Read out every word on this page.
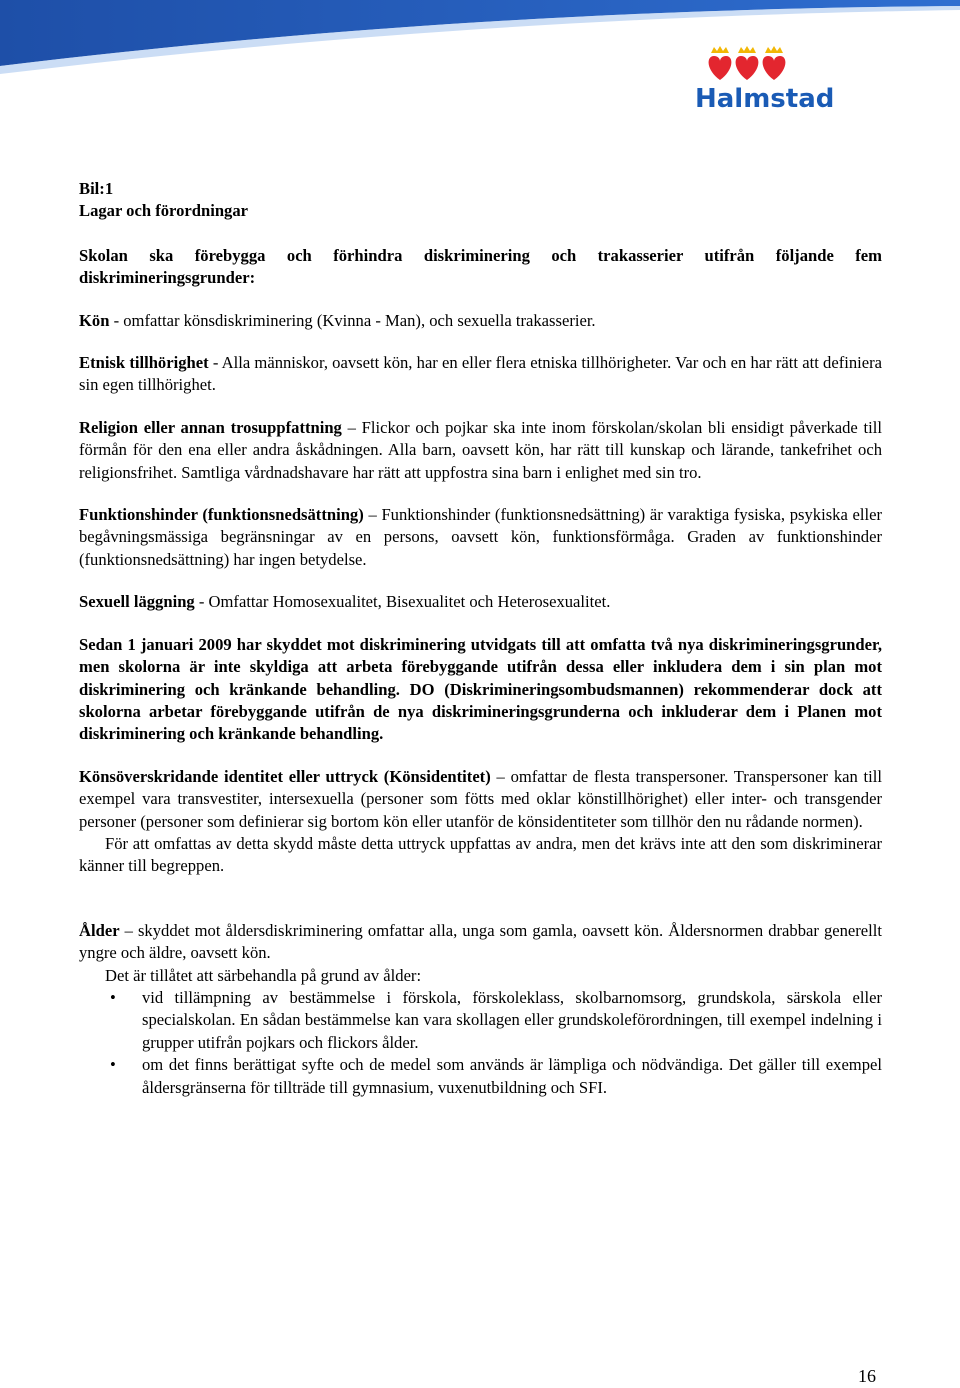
Halmstad

Bil:1

Lagar och förordningar

Skolan ska förebygga och förhindra diskriminering och trakasserier utifrån följande fem diskrimineringsgrunder:

Kön - omfattar könsdiskriminering (Kvinna - Man), och sexuella trakasserier.

Etnisk tillhörighet - Alla människor, oavsett kön, har en eller flera etniska tillhörigheter. Var och en har rätt att definiera sin egen tillhörighet.

Religion eller annan trosuppfattning – Flickor och pojkar ska inte inom förskolan/skolan bli ensidigt påverkade till förmån för den ena eller andra åskådningen. Alla barn, oavsett kön, har rätt till kunskap och lärande, tankefrihet och religionsfrihet. Samtliga vårdnadshavare har rätt att uppfostra sina barn i enlighet med sin tro.

Funktionshinder (funktionsnedsättning) – Funktionshinder (funktionsnedsättning) är varaktiga fysiska, psykiska eller begåvningsmässiga begränsningar av en persons, oavsett kön, funktionsförmåga. Graden av funktionshinder (funktionsnedsättning) har ingen betydelse.

Sexuell läggning - Omfattar Homosexualitet, Bisexualitet och Heterosexualitet.

Sedan 1 januari 2009 har skyddet mot diskriminering utvidgats till att omfatta två nya diskrimineringsgrunder, men skolorna är inte skyldiga att arbeta förebyggande utifrån dessa eller inkludera dem i sin plan mot diskriminering och kränkande behandling. DO (Diskrimineringsombudsmannen) rekommenderar dock att skolorna arbetar förebyggande utifrån de nya diskrimineringsgrunderna och inkluderar dem i Planen mot diskriminering och kränkande behandling.

Könsöverskridande identitet eller uttryck (Könsidentitet) – omfattar de flesta transpersoner. Transpersoner kan till exempel vara transvestiter, intersexuella (personer som fötts med oklar könstillhörighet) eller inter- och transgender personer (personer som definierar sig bortom kön eller utanför de könsidentiteter som tillhör den nu rådande normen).

För att omfattas av detta skydd måste detta uttryck uppfattas av andra, men det krävs inte att den som diskriminerar känner till begreppen.

Ålder – skyddet mot åldersdiskriminering omfattar alla, unga som gamla, oavsett kön. Åldersnormen drabbar generellt yngre och äldre, oavsett kön.

Det är tillåtet att särbehandla på grund av ålder:

• vid tillämpning av bestämmelse i förskola, förskoleklass, skolbarnomsorg, grundskola, särskola eller specialskolan. En sådan bestämmelse kan vara skollagen eller grundskoleförordningen, till exempel indelning i grupper utifrån pojkars och flickors ålder.
• om det finns berättigat syfte och de medel som används är lämpliga och nödvändiga. Det gäller till exempel åldersgränserna för tillträde till gymnasium, vuxenutbildning och SFI.
16
